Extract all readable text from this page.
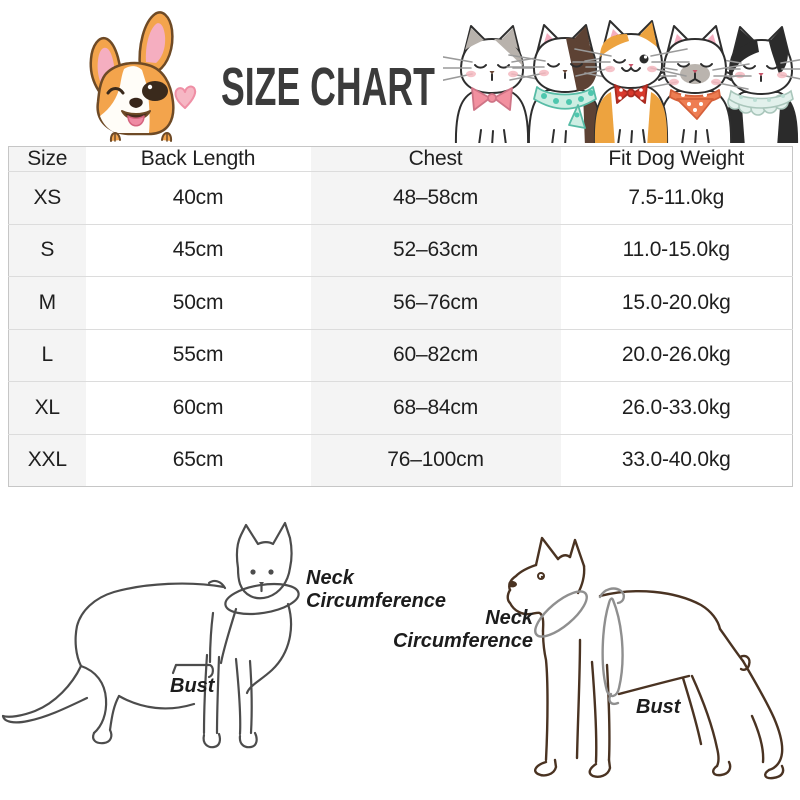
SIZE CHART
Size	Back Length	Chest	Fit Dog Weight
XS	40cm	48–58cm	7.5-11.0kg
S	45cm	52–63cm	11.0-15.0kg
M	50cm	56–76cm	15.0-20.0kg
L	55cm	60–82cm	20.0-26.0kg
XL	60cm	68–84cm	26.0-33.0kg
XXL	65cm	76–100cm	33.0-40.0kg
Neck
Circumference
Bust
Neck
Circumference
Bust
